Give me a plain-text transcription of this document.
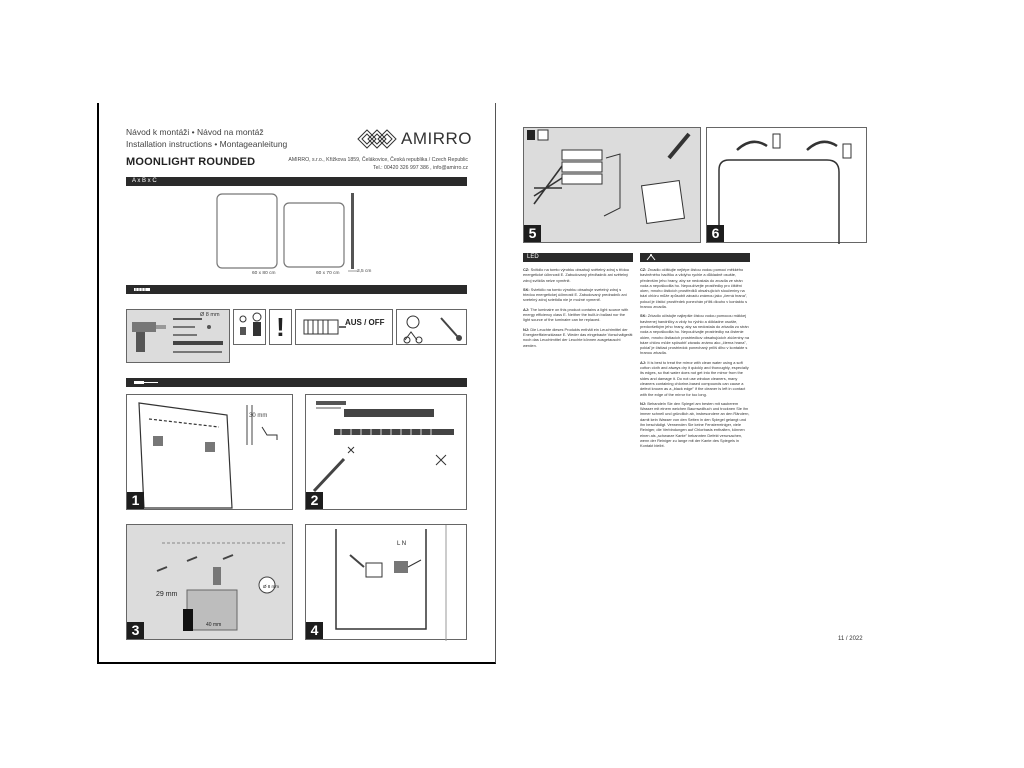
Návod k montáži • Návod na montáž
Installation instructions • Montageanleitung
MOONLIGHT ROUNDED
AMIRRO
AMIRRO, s.r.o., Křižkova 1859, Čelákovice, Česká republika / Czech Republic
Tel.: 00420 326 997 386 , info@amirro.cz
A x B x C
60 x 80 cm	60 x 70 cm	3,5 cm
Ø 8 mm !	AUS / OFF
1
30 mm
2
3
29 mm
40 mm
Ø 8 mm
4
L N
5	6
LED

CZ: Svítidlo na tomto výrobku obsahují světelný zdroj s třídou energetické účinnosti E. Zabudovaný předřadník ani světelný zdroj svítidla nelze vyměnit.

SK: Svietidlo na tomto výrobku obsahuje svetelný zdroj s triedou energetickej účinnosti E. Zabudovaný predradník ani svetelný zdroj svietidla nie je možné vymeniť.

AJ: The luminaire on this product contains a light source with energy efficiency class E. Neither the built-in ballast nor the light source of the luminaire can be replaced.

NJ: Die Leuchte dieses Produkts enthält ein Leuchtmittel der Energieeffizienzklasse E. Weder das eingebaute Vorschaltgerät noch das Leuchtmittel der Leuchte können ausgetauscht werden.

CZ: Zrcadlo očištujte nejlépe čistou vodou pomocí měkkého bavlněného hadříku a vždyho rychle a důkladně osušte, především jeho hrany, aby se nedostala do zrcadla ze strán voda a nepoškodila ho. Nepoužívejte prostředky pro čištění oken, mnoho čisticích prostředků obsahujících sloučeniny na bázi chlóru může způsobit závadu známou jako „černá hrana", pokud je čisticí prostředek ponechán příliš dlouho v kontaktu s hranou zrcadla.

SK: Zrkadlo očistujte najlepšie čistou vodou pomocou mäkkej bavlnenej handričky a vždy ho rýchlo a dôkladne osušte, predovšetkým jeho hrany, aby sa nedostala do zrkadla zo strán voda a nepoškodila ho. Nepoužívajte prostriedky na čistenie okien, mnoho čistiacich prostriedkov obsahujúcich zlúčeniny na báze chlóru môže spôsobiť závadu známu ako „čierna hrana", pokiaľ je čistiaci prostriedok ponechaný príliš dlho v kontakte s hranou zrkadla.

AJ: It is best to treat the mirror with clean water using a soft cotton cloth and always dry it quickly and thoroughly, especially its edges, so that water does not get into the mirror from the sides and damage it. Do not use window cleaners, many cleaners containing chlorine-based compounds can cause a defect known as a „black edge" if the cleaner is left in contact with the edge of the mirror for too long.

NJ: Behandeln Sie den Spiegel am besten mit sauberem Wasser mit einem weichen Baumwolltuch und trocknen Sie ihn immer schnell und gründlich ab, insbesondere an den Rändern, damit kein Wasser von den Seiten in den Spiegel gelangt und ihn beschädigt. Verwenden Sie keine Fensterreiniger, viele Reiniger, die Verbindungen auf Chlorbasis enthalten, können einen als „schwarze Kante" bekannten Defekt verursachen, wenn der Reiniger zu lange mit der Kante des Spiegels in Kontakt bleibt.

11 / 2022
